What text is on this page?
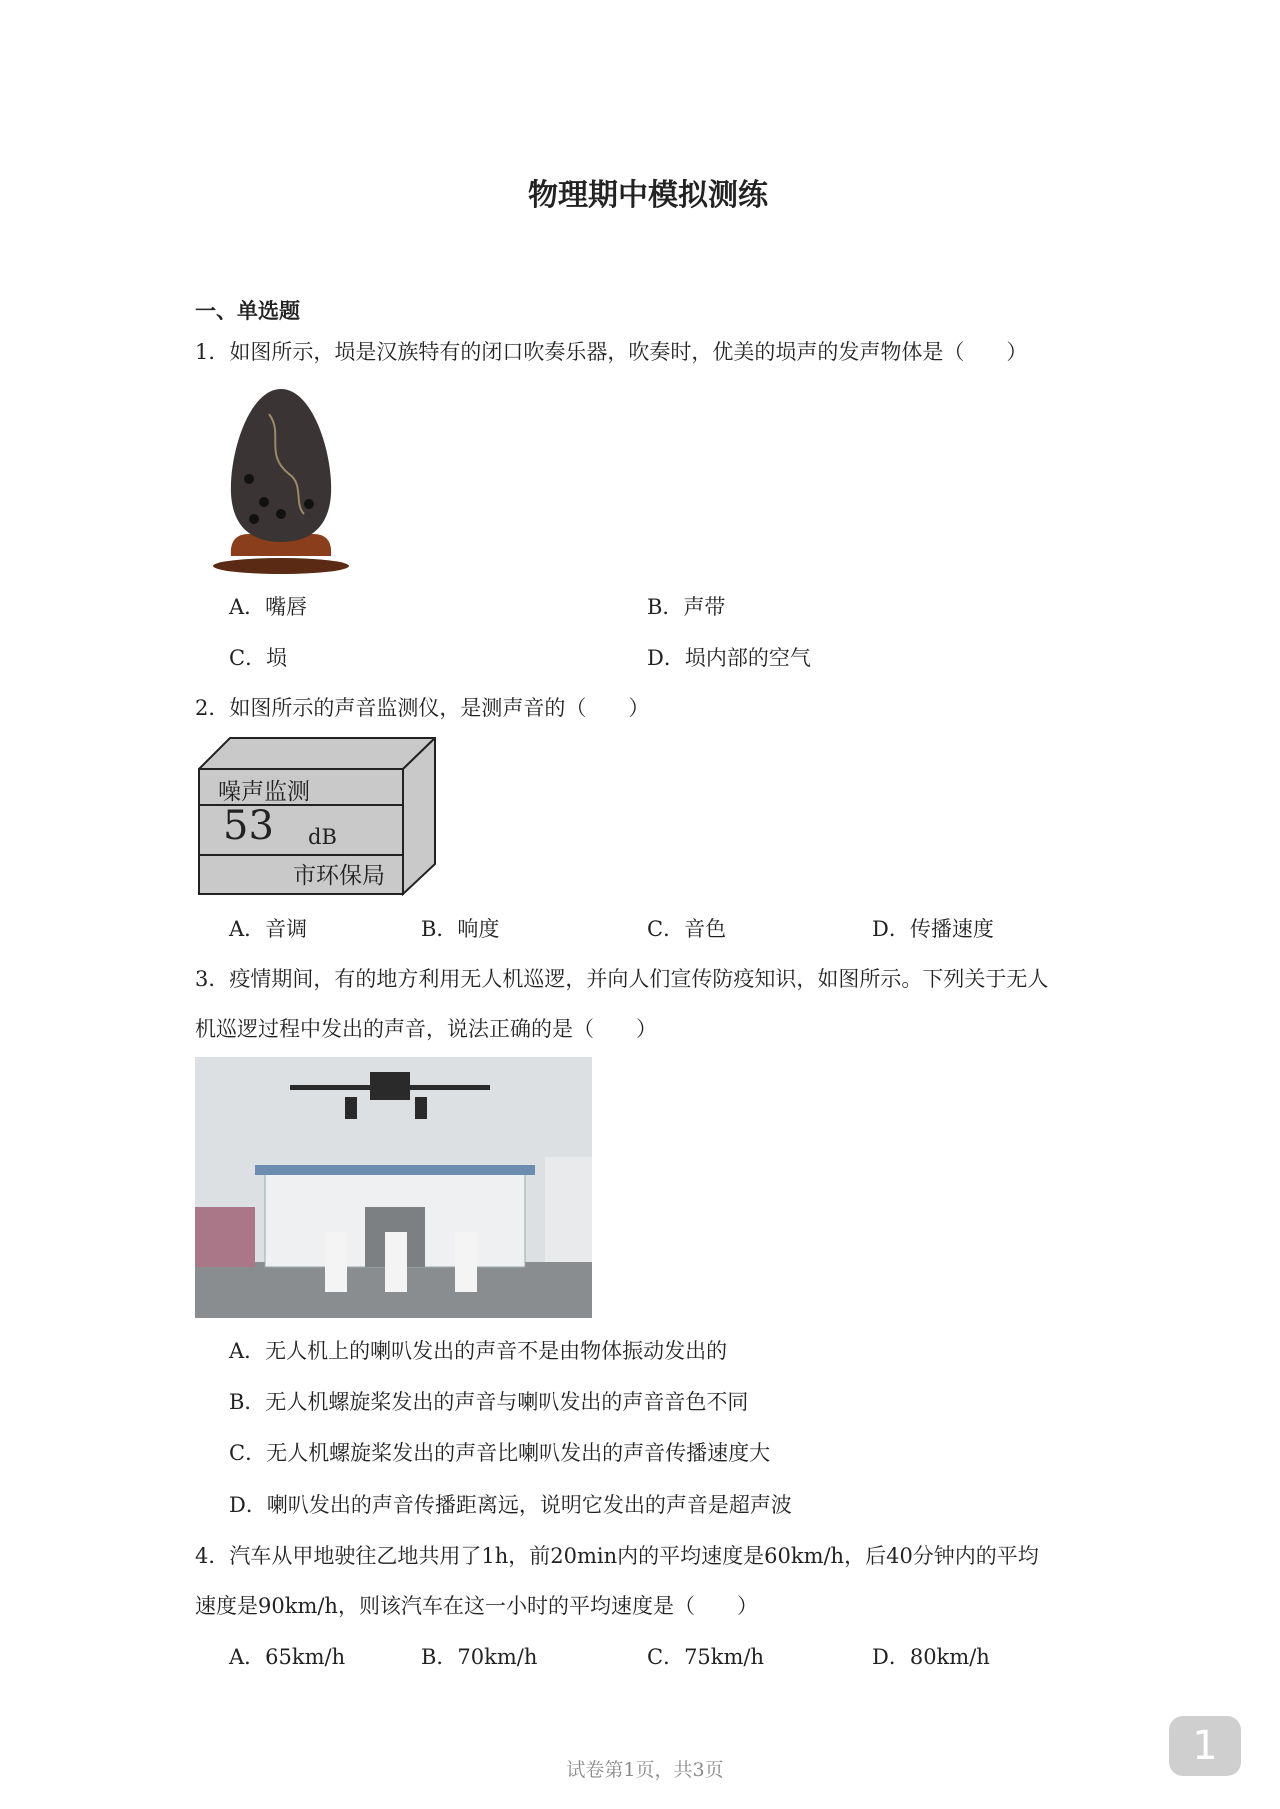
物理期中模拟测练
一、单选题
1．如图所示，埙是汉族特有的闭口吹奏乐器，吹奏时，优美的埙声的发声物体是（　　）
A．嘴唇	B．声带
C．埙	D．埙内部的空气
2．如图所示的声音监测仪，是测声音的（　　）
噪声监测
53 dB
市环保局
A．音调	B．响度	C．音色	D．传播速度
3．疫情期间，有的地方利用无人机巡逻，并向人们宣传防疫知识，如图所示。下列关于无人
机巡逻过程中发出的声音，说法正确的是（　　）
A．无人机上的喇叭发出的声音不是由物体振动发出的
B．无人机螺旋桨发出的声音与喇叭发出的声音音色不同
C．无人机螺旋桨发出的声音比喇叭发出的声音传播速度大
D．喇叭发出的声音传播距离远，说明它发出的声音是超声波
4．汽车从甲地驶往乙地共用了1h，前20min内的平均速度是60km/h，后40分钟内的平均
速度是90km/h，则该汽车在这一小时的平均速度是（　　）
A．65km/h	B．70km/h	C．75km/h	D．80km/h
试卷第1页，共3页
1
